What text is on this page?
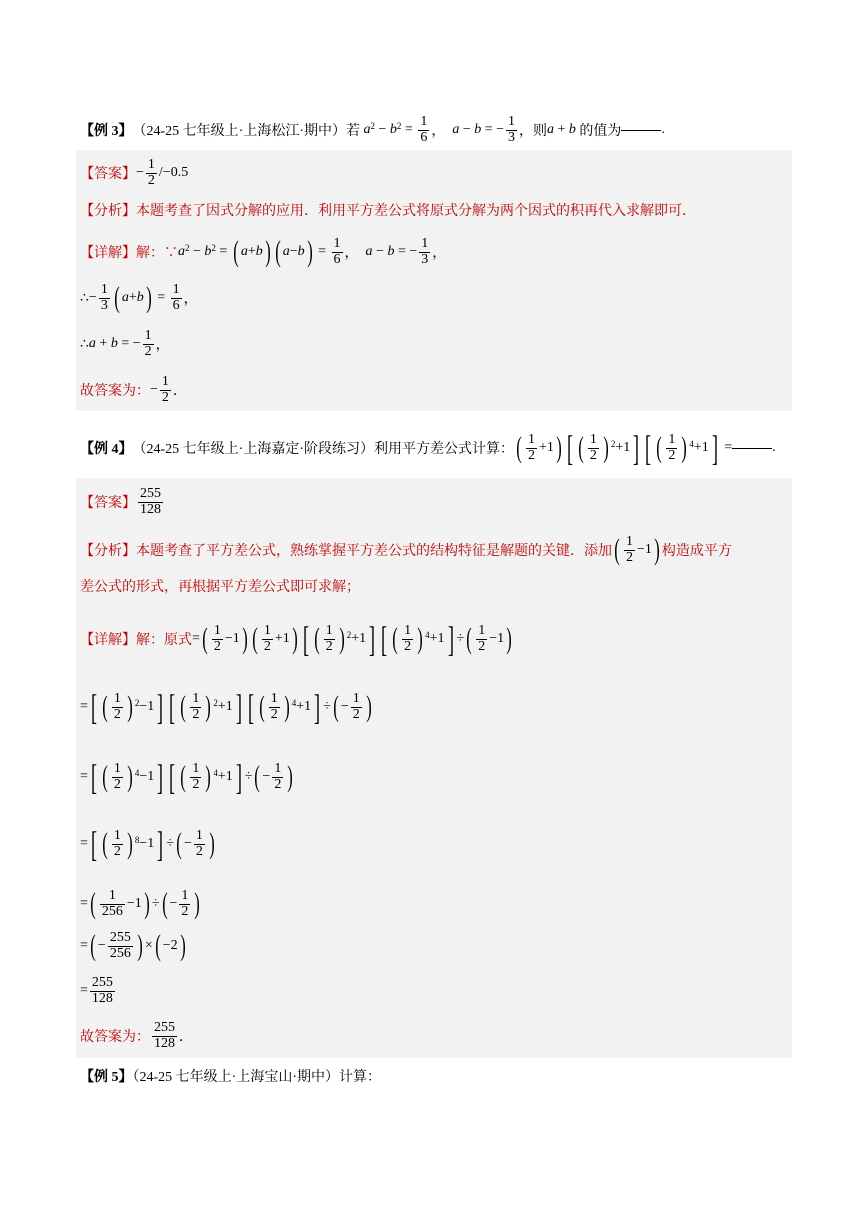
【例 3】 （24-25 七年级上·上海松江·期中）若
a 2 − b $2 = \frac{1}{6}$ ， a − b = − $\frac{1}{3}$ ，则 a + b
的值为	.
【答案】 − $\frac{1}{2} /-0.5$
【分析】本题考查了因式分解的应用．利用平方差公式将原式分解为两个因式的积再代入求解即可．
【详解】 解：∵ a 2 − b 2 = ( a + b ) ( a − b ) = $\frac{1}{6}$ ， a − b = − $\frac{1}{3}$ ，
∴ − $\frac{1}{3}$ ( a + b ) = $\frac{1}{6}$ ，
∴ a + b = − $\frac{1}{2}$ ，
故答案为： − $\frac{1}{2}$ ．
【例 4】 （24-25 七年级上·上海嘉定·阶段练习）利用平方差公式计算： ( $\frac{1}{2} +1$ ) [ ( $\frac{1}{2}$ ) 2 +1 ] [ ( $\frac{1}{2}$ ) 4 +1 ] =	.
【答案】 $\frac{255}{128}$
【分析】 本题考查了平方差公式，熟练掌握平方差公式的结构特征是解题的关键．添加 ( $\frac{1}{2} -1$ ) 构造成平方
差公式的形式，再根据平方差公式即可求解；
【详解】 解：原式 = ( $\frac{1}{2} -1$ ) ( $\frac{1}{2} +1$ ) [ ( $\frac{1}{2}$ ) 2 +1 ] [ ( $\frac{1}{2}$ ) 4 +1 ] ÷ ( $\frac{1}{2} -1$ )
= [ ( $\frac{1}{2}$ ) 2 −1 ] [ ( $\frac{1}{2}$ ) 2 +1 ] [ ( $\frac{1}{2}$ ) 4 +1 ] ÷ ( − $\frac{1}{2}$ )
= [ ( $\frac{1}{2}$ ) 4 −1 ] [ ( $\frac{1}{2}$ ) 4 +1 ] ÷ ( − $\frac{1}{2}$ )
= [ ( $\frac{1}{2}$ ) 8 −1 ] ÷ ( − $\frac{1}{2}$ )
= ( $\frac{1}{256} -1$ ) ÷ ( − $\frac{1}{2}$ )
= ( − $\frac{255}{256}$ ) × ( −2 )
= $\frac{255}{128}$
故答案为： $\frac{255}{128}$ ．
【例 5】（24-25 七年级上·上海宝山·期中）计算：
